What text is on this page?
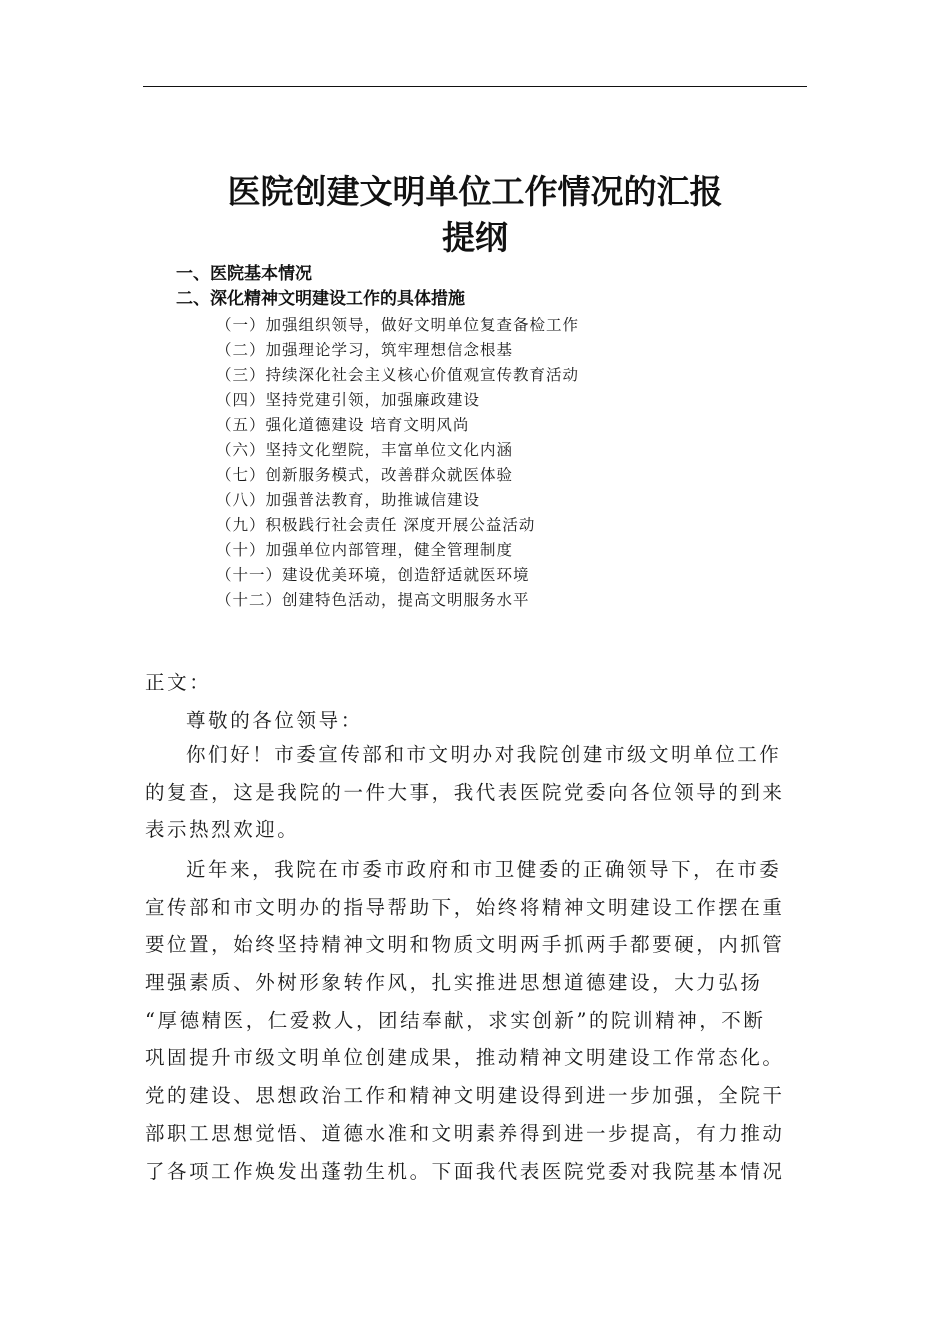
医院创建文明单位工作情况的汇报
提纲
一、医院基本情况
二、深化精神文明建设工作的具体措施
（一）加强组织领导，做好文明单位复查备检工作
（二）加强理论学习，筑牢理想信念根基
（三）持续深化社会主义核心价值观宣传教育活动
（四）坚持党建引领，加强廉政建设
（五）强化道德建设 培育文明风尚
（六）坚持文化塑院，丰富单位文化内涵
（七）创新服务模式，改善群众就医体验
（八）加强普法教育，助推诚信建设
（九）积极践行社会责任 深度开展公益活动
（十）加强单位内部管理，健全管理制度
（十一）建设优美环境，创造舒适就医环境
（十二）创建特色活动，提高文明服务水平
正文：
尊敬的各位领导：
你们好！市委宣传部和市文明办对我院创建市级文明单位工作
的复查，这是我院的一件大事，我代表医院党委向各位领导的到来
表示热烈欢迎。
近年来，我院在市委市政府和市卫健委的正确领导下，在市委
宣传部和市文明办的指导帮助下，始终将精神文明建设工作摆在重
要位置，始终坚持精神文明和物质文明两手抓两手都要硬，内抓管
理强素质、外树形象转作风，扎实推进思想道德建设，大力弘扬
“厚德精医，仁爱救人，团结奉献，求实创新”的院训精神，不断
巩固提升市级文明单位创建成果，推动精神文明建设工作常态化。
党的建设、思想政治工作和精神文明建设得到进一步加强，全院干
部职工思想觉悟、道德水准和文明素养得到进一步提高，有力推动
了各项工作焕发出蓬勃生机。下面我代表医院党委对我院基本情况
